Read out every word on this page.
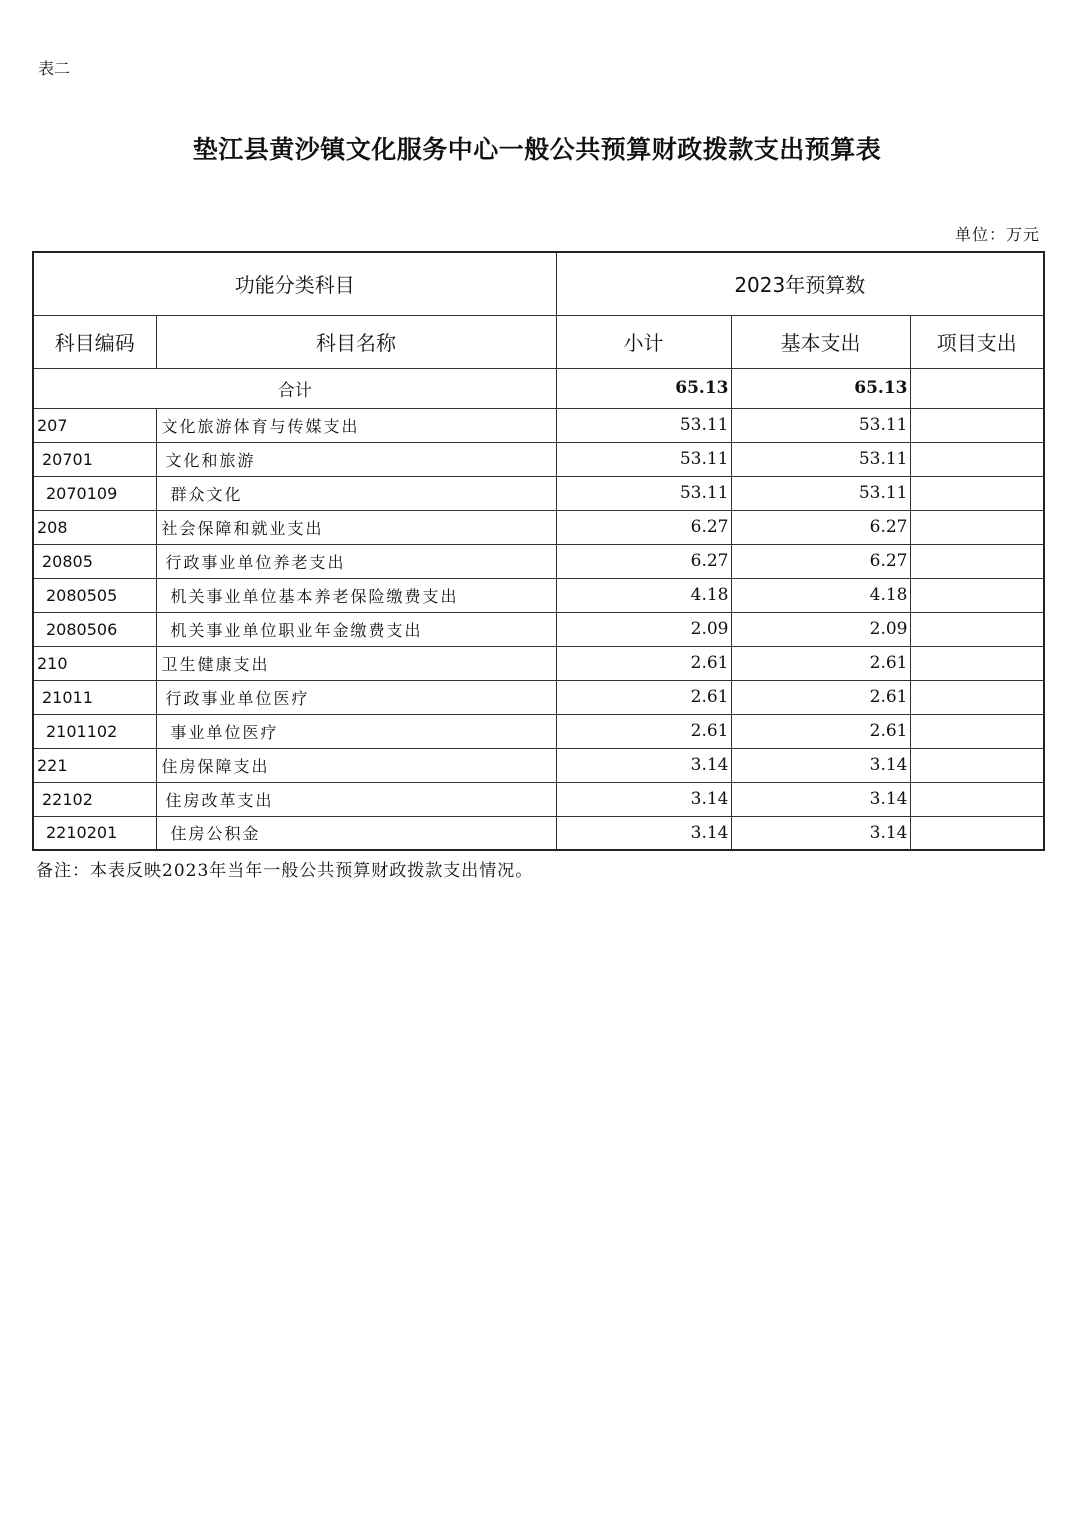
表二
垫江县黄沙镇文化服务中心一般公共预算财政拨款支出预算表
单位：万元
功能分类科目		2023年预算数		
科目编码	科目名称	小计	基本支出	项目支出
合计		65.13	65.13	
207	文化旅游体育与传媒支出	53.11	53.11	
20701	文化和旅游	53.11	53.11	
2070109	群众文化	53.11	53.11	
208	社会保障和就业支出	6.27	6.27	
20805	行政事业单位养老支出	6.27	6.27	
2080505	机关事业单位基本养老保险缴费支出	4.18	4.18	
2080506	机关事业单位职业年金缴费支出	2.09	2.09	
210	卫生健康支出	2.61	2.61	
21011	行政事业单位医疗	2.61	2.61	
2101102	事业单位医疗	2.61	2.61	
221	住房保障支出	3.14	3.14	
22102	住房改革支出	3.14	3.14	
2210201	住房公积金	3.14	3.14	
备注：本表反映2023年当年一般公共预算财政拨款支出情况。
